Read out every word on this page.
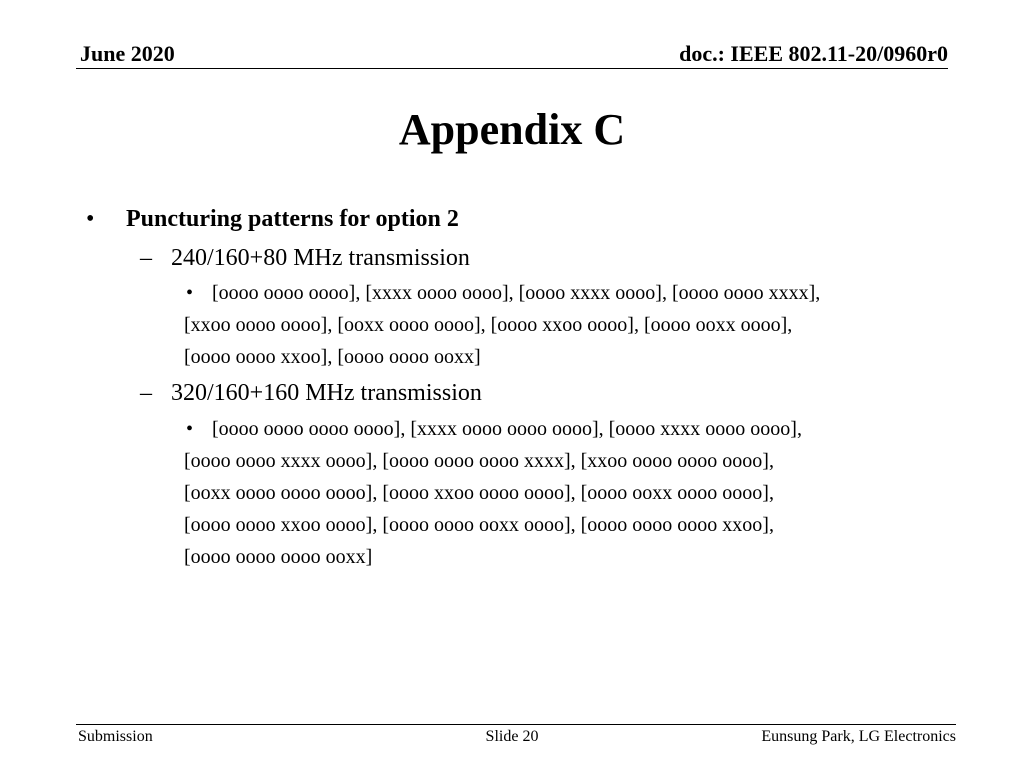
June 2020	doc.: IEEE 802.11-20/0960r0
Appendix C
• Puncturing patterns for option 2
– 240/160+80 MHz transmission
• [oooo oooo oooo], [xxxx oooo oooo], [oooo xxxx oooo], [oooo oooo xxxx],
[xxoo oooo oooo], [ooxx oooo oooo], [oooo xxoo oooo], [oooo ooxx oooo],
[oooo oooo xxoo], [oooo oooo ooxx]
– 320/160+160 MHz transmission
• [oooo oooo oooo oooo], [xxxx oooo oooo oooo], [oooo xxxx oooo oooo],
[oooo oooo xxxx oooo], [oooo oooo oooo xxxx], [xxoo oooo oooo oooo],
[ooxx oooo oooo oooo], [oooo xxoo oooo oooo], [oooo ooxx oooo oooo],
[oooo oooo xxoo oooo], [oooo oooo ooxx oooo], [oooo oooo oooo xxoo],
[oooo oooo oooo ooxx]
Submission	Slide 20	Eunsung Park, LG Electronics
